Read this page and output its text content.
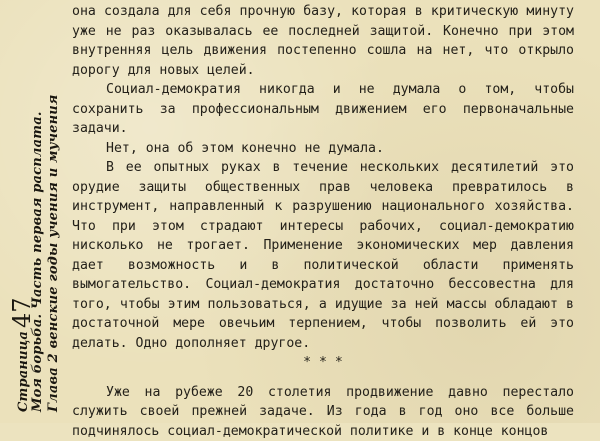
Страница47
Моя борьба. Часть первая расплата. Глава 2 венские годы учения и мучения

она создала для себя прочную базу, которая в критическую минуту уже не раз оказывалась ее последней защитой. Конечно при этом внутренняя цель движения постепенно сошла на нет, что открыло дорогу для новых целей.

Социал-демократия никогда и не думала о том, чтобы сохранить за профессиональным движением его первоначальные задачи.

Нет, она об этом конечно не думала.

В ее опытных руках в течение нескольких десятилетий это орудие защиты общественных прав человека превратилось в инструмент, направленный к разрушению национального хозяйства. Что при этом страдают интересы рабочих, социал-демократию нисколько не трогает. Применение экономических мер давления дает возможность и в политической области применять вымогательство. Социал-демократия достаточно бессовестна для того, чтобы этим пользоваться, а идущие за ней массы обладают в достаточной мере овечьим терпением, чтобы позволить ей это делать. Одно дополняет другое.

* * *

Уже на рубеже 20 столетия продвижение давно перестало служить своей прежней задаче. Из года в год оно все больше подчинялось социал-демократической политике и в конце концов
